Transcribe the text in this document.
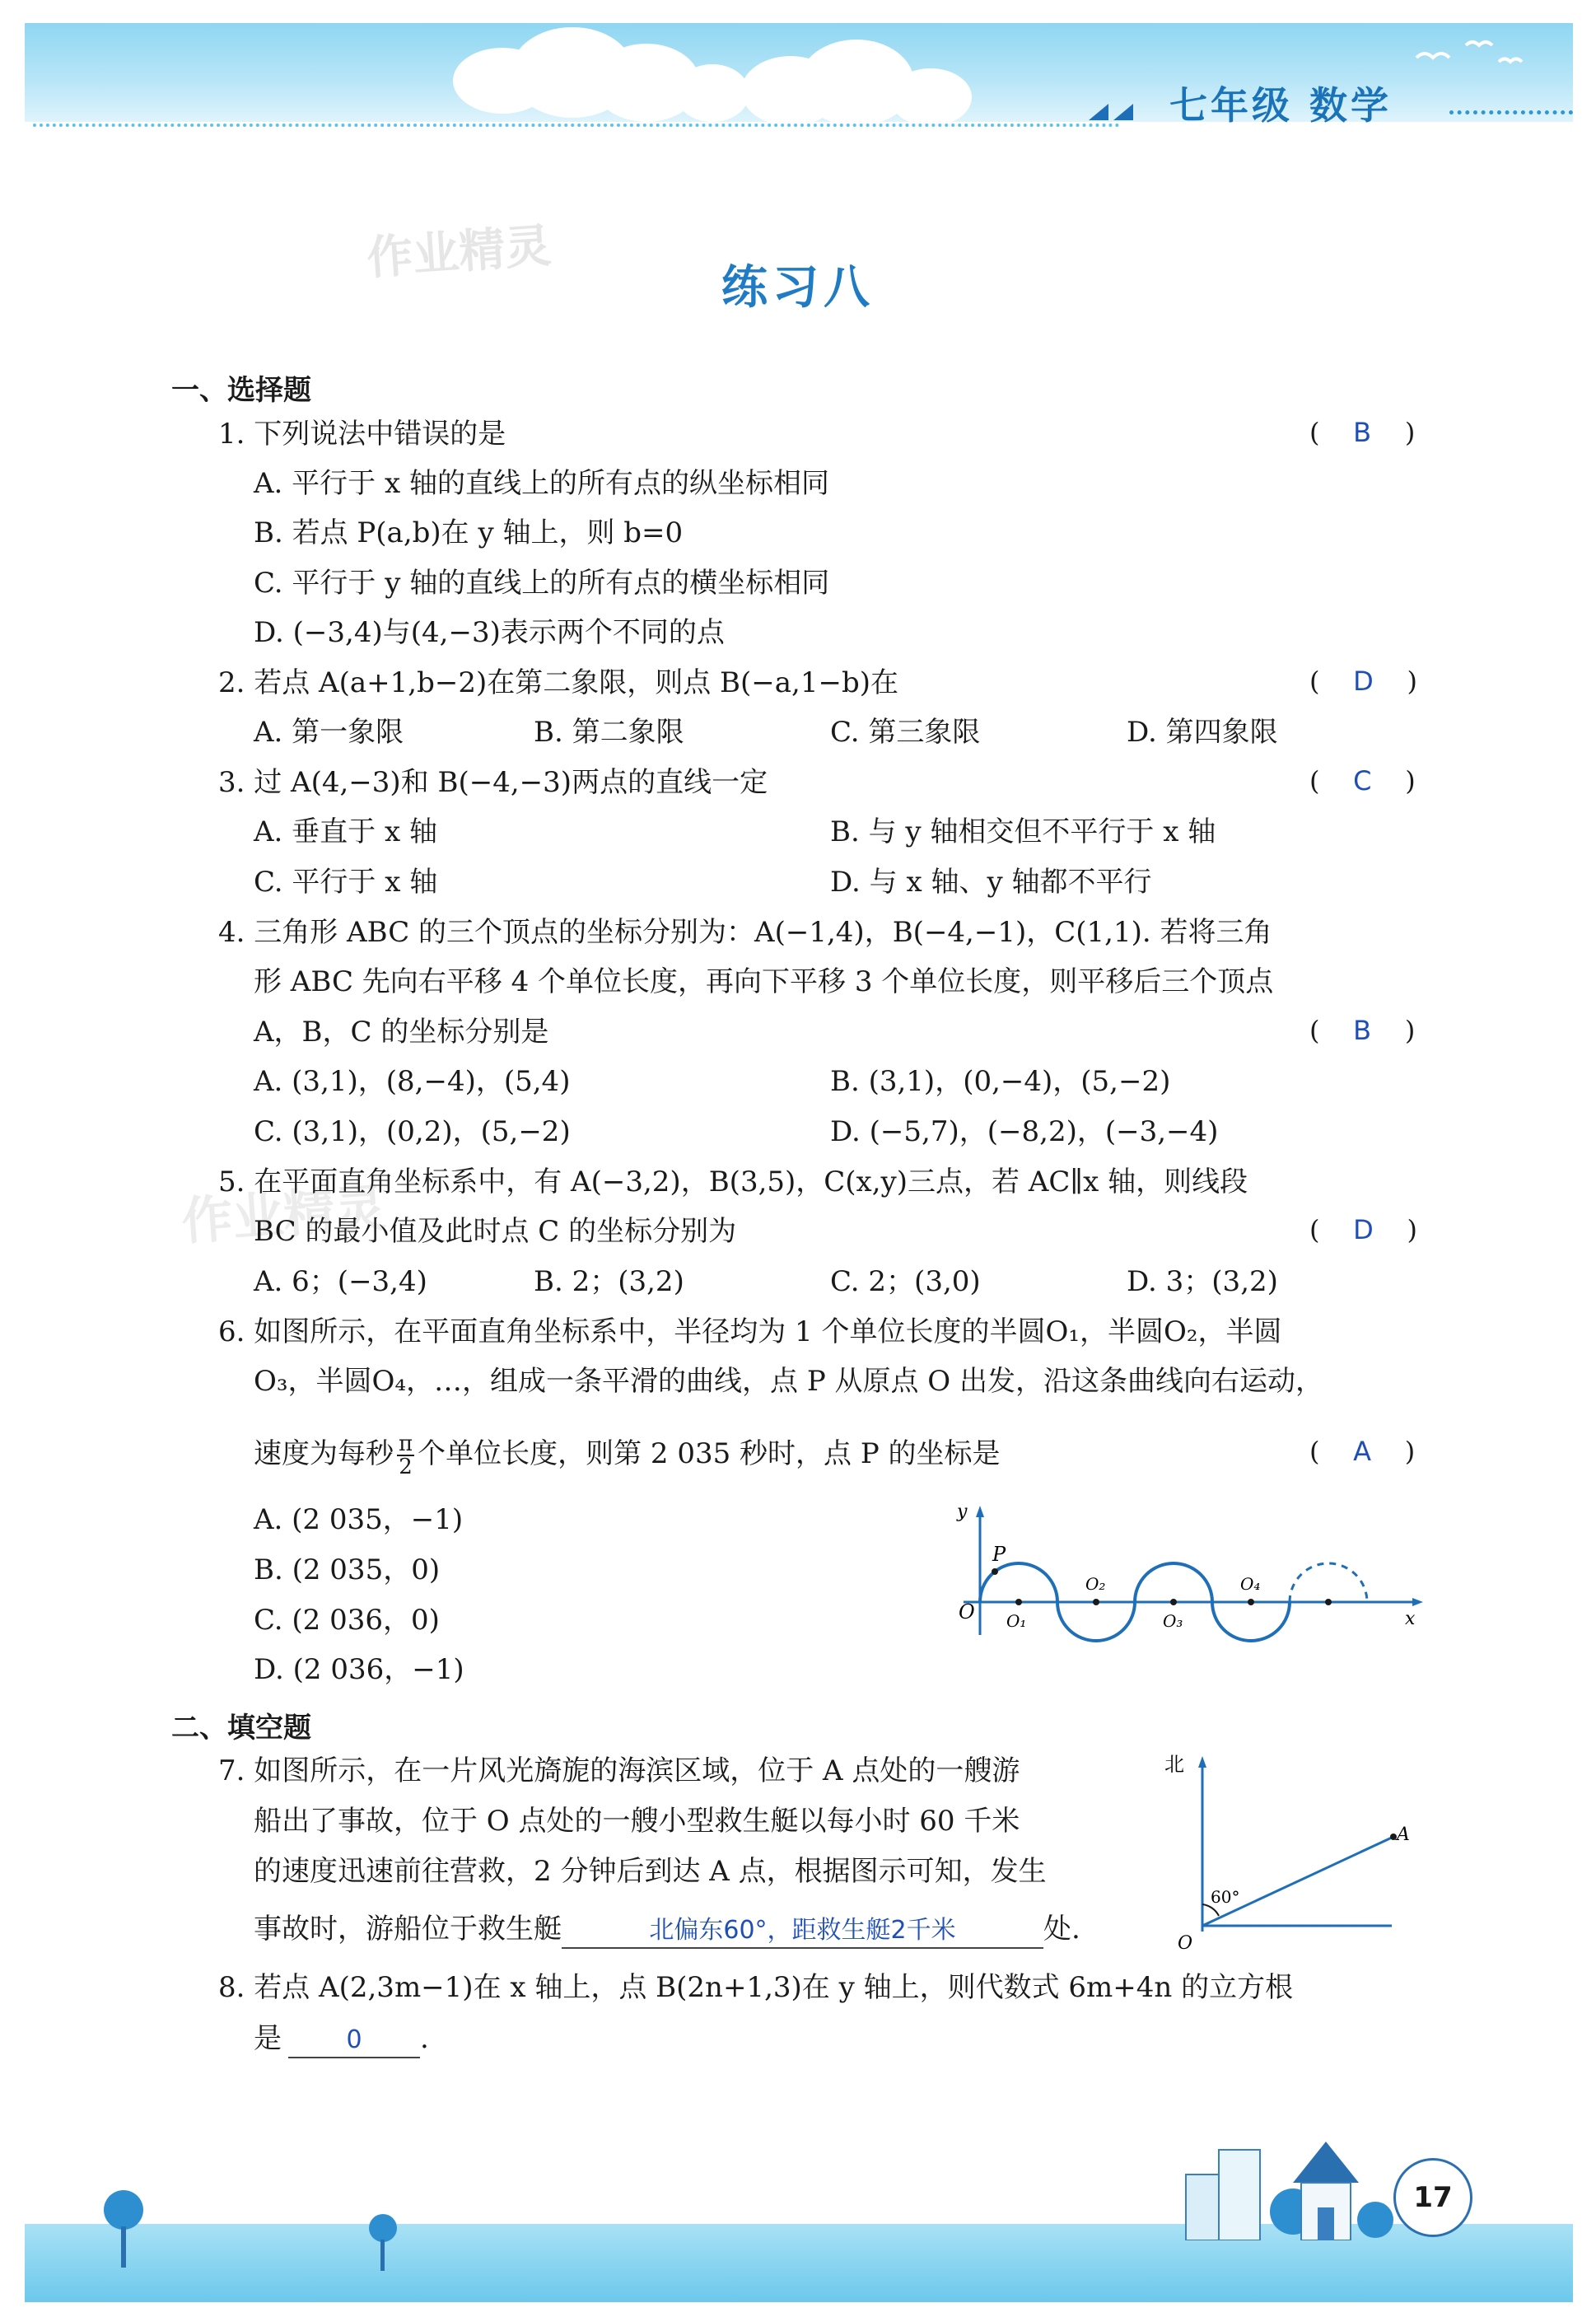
七年级 数学
作业精灵
练习八
一、选择题
1. 下列说法中错误的是	(    B    )
A. 平行于 x 轴的直线上的所有点的纵坐标相同
B. 若点 P(a,b)在 y 轴上，则 b=0
C. 平行于 y 轴的直线上的所有点的横坐标相同
D. (−3,4)与(4,−3)表示两个不同的点
2. 若点 A(a+1,b−2)在第二象限，则点 B(−a,1−b)在	(    D    )
A. 第一象限	B. 第二象限	C. 第三象限	D. 第四象限
3. 过 A(4,−3)和 B(−4,−3)两点的直线一定	(    C    )
A. 垂直于 x 轴	B. 与 y 轴相交但不平行于 x 轴
C. 平行于 x 轴	D. 与 x 轴、y 轴都不平行
4. 三角形 ABC 的三个顶点的坐标分别为：A(−1,4)，B(−4,−1)，C(1,1). 若将三角
形 ABC 先向右平移 4 个单位长度，再向下平移 3 个单位长度，则平移后三个顶点
A，B，C 的坐标分别是	(    B    )
A. (3,1)，(8,−4)，(5,4)	B. (3,1)，(0,−4)，(5,−2)
C. (3,1)，(0,2)，(5,−2)	D. (−5,7)，(−8,2)，(−3,−4)
作业精灵
5. 在平面直角坐标系中，有 A(−3,2)，B(3,5)，C(x,y)三点，若 AC∥x 轴，则线段
BC 的最小值及此时点 C 的坐标分别为	(    D    )
A. 6；(−3,4)	B. 2；(3,2)	C. 2；(3,0)	D. 3；(3,2)
6. 如图所示，在平面直角坐标系中，半径均为 1 个单位长度的半圆O₁，半圆O₂，半圆
O₃，半圆O₄，…，组成一条平滑的曲线，点 P 从原点 O 出发，沿这条曲线向右运动，
速度为每秒 $\frac{\pi}{2}$ 个单位长度，则第 2 035 秒时，点 P 的坐标是	(    A    )
A. (2 035，−1)
B. (2 035，0)
C. (2 036，0)
D. (2 036，−1)
y
P
O	x
O₁
O₂
O₃
O₄
二、填空题
7. 如图所示，在一片风光旖旎的海滨区域，位于 A 点处的一艘游
船出了事故，位于 O 点处的一艘小型救生艇以每小时 60 千米
的速度迅速前往营救，2 分钟后到达 A 点，根据图示可知，发生
事故时，游船位于救生艇	北偏东60°，距救生艇2千米	处.
北
A
60°
O
8. 若点 A(2,3m−1)在 x 轴上，点 B(2n+1,3)在 y 轴上，则代数式 6m+4n 的立方根
是	0 .
17
